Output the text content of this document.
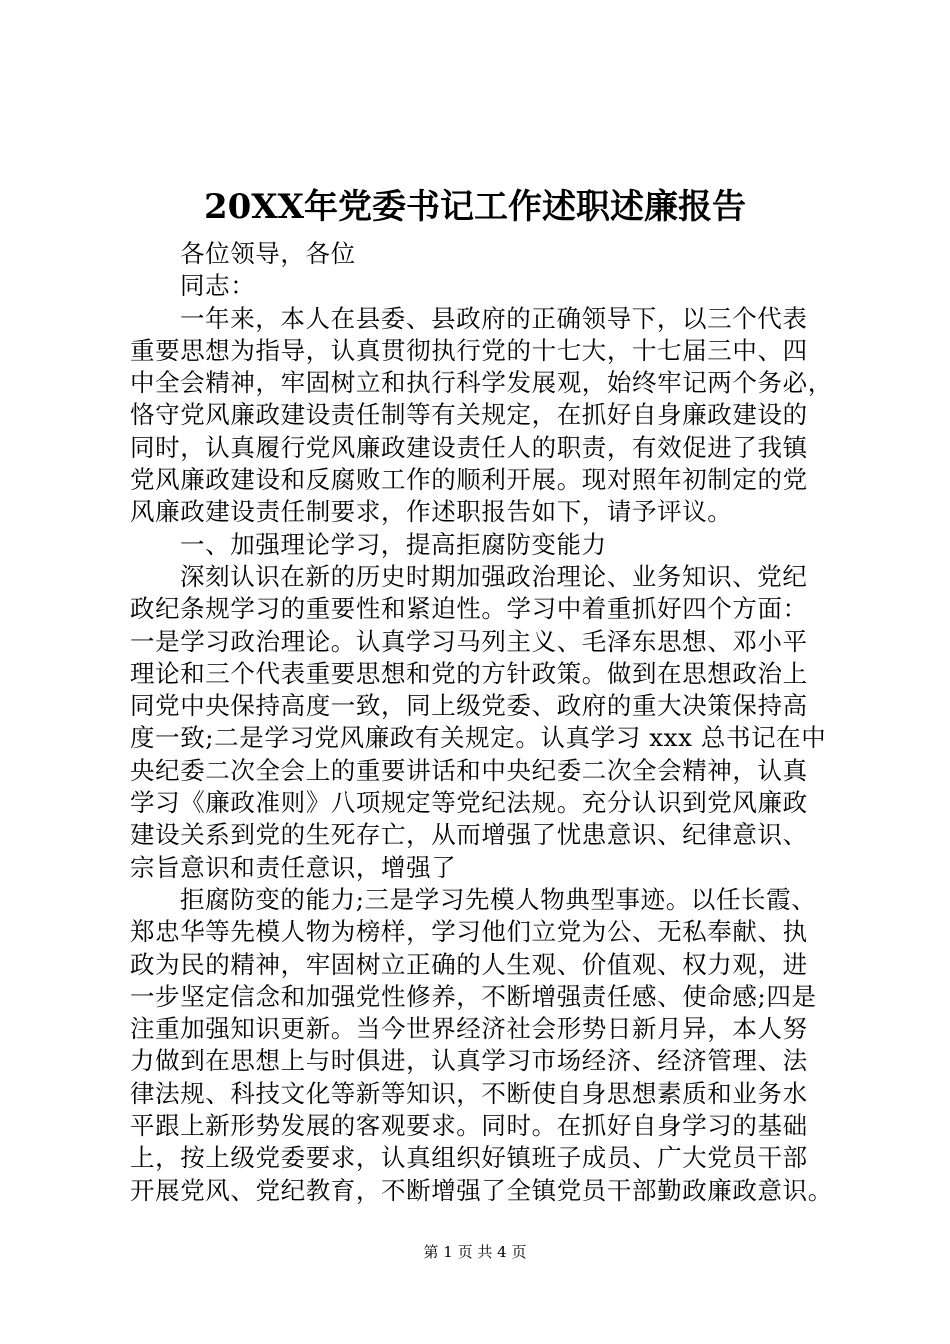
20XX年党委书记工作述职述廉报告
各位领导，各位
同志：
一年来，本人在县委、县政府的正确领导下，以三个代表
重要思想为指导，认真贯彻执行党的十七大，十七届三中、四
中全会精神，牢固树立和执行科学发展观，始终牢记两个务必，
恪守党风廉政建设责任制等有关规定，在抓好自身廉政建设的
同时，认真履行党风廉政建设责任人的职责，有效促进了我镇
党风廉政建设和反腐败工作的顺利开展。现对照年初制定的党
风廉政建设责任制要求，作述职报告如下，请予评议。
一、加强理论学习，提高拒腐防变能力
深刻认识在新的历史时期加强政治理论、业务知识、党纪
政纪条规学习的重要性和紧迫性。学习中着重抓好四个方面：
一是学习政治理论。认真学习马列主义、毛泽东思想、邓小平
理论和三个代表重要思想和党的方针政策。做到在思想政治上
同党中央保持高度一致，同上级党委、政府的重大决策保持高
度一致;二是学习党风廉政有关规定。认真学习 xxx 总书记在中
央纪委二次全会上的重要讲话和中央纪委二次全会精神，认真
学习《廉政准则》八项规定等党纪法规。充分认识到党风廉政
建设关系到党的生死存亡，从而增强了忧患意识、纪律意识、
宗旨意识和责任意识，增强了
拒腐防变的能力;三是学习先模人物典型事迹。以任长霞、
郑忠华等先模人物为榜样，学习他们立党为公、无私奉献、执
政为民的精神，牢固树立正确的人生观、价值观、权力观，进
一步坚定信念和加强党性修养，不断增强责任感、使命感;四是
注重加强知识更新。当今世界经济社会形势日新月异，本人努
力做到在思想上与时俱进，认真学习市场经济、经济管理、法
律法规、科技文化等新等知识，不断使自身思想素质和业务水
平跟上新形势发展的客观要求。同时。在抓好自身学习的基础
上，按上级党委要求，认真组织好镇班子成员、广大党员干部
开展党风、党纪教育，不断增强了全镇党员干部勤政廉政意识。
第 1 页 共 4 页
